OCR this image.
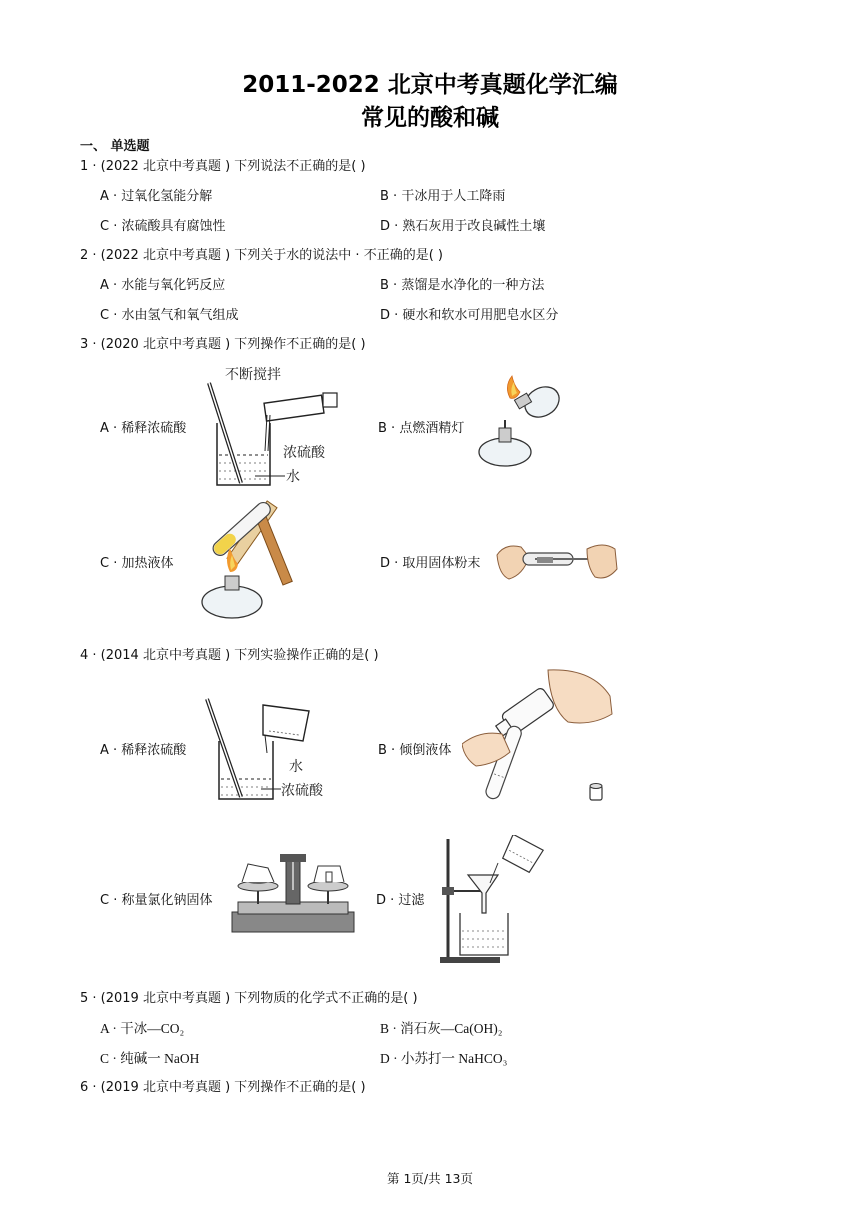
2011-2022 北京中考真题化学汇编
常见的酸和碱
一、 单选题
1 · (2022 北京中考真题 ) 下列说法不正确的是( )
A · 过氧化氢能分解	B · 干冰用于人工降雨
C · 浓硫酸具有腐蚀性	D · 熟石灰用于改良碱性土壤
2 · (2022 北京中考真题 ) 下列关于水的说法中 · 不正确的是( )
A · 水能与氧化钙反应	B · 蒸馏是水净化的一种方法
C · 水由氢气和氧气组成	D · 硬水和软水可用肥皂水区分
3 · (2020 北京中考真题 ) 下列操作不正确的是( )
A · 稀释浓硫酸	B · 点燃酒精灯
C · 加热液体	D · 取用固体粉末
不断搅拌
浓硫酸
水
4 · (2014 北京中考真题 ) 下列实验操作正确的是( )
A · 稀释浓硫酸	B · 倾倒液体
C · 称量氯化钠固体	D · 过滤
水
浓硫酸
5 · (2019 北京中考真题 ) 下列物质的化学式不正确的是( )
A · 干冰—CO₂	B · 消石灰—Ca(OH)₂
C · 纯碱一 NaOH	D · 小苏打一 NaHCO₃
6 · (2019 北京中考真题 ) 下列操作不正确的是( )
第 1页/共 13页
